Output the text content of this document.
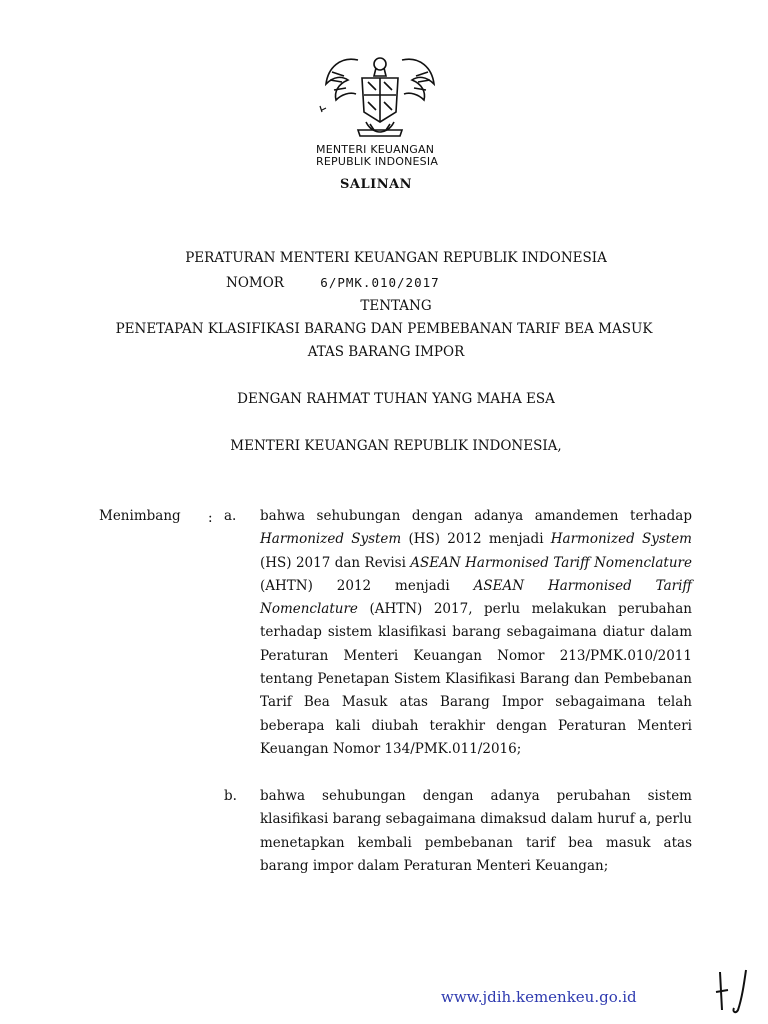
MENTERI KEUANGAN
REPUBLIK INDONESIA
SALINAN
PERATURAN MENTERI KEUANGAN REPUBLIK INDONESIA
NOMOR	6/PMK.010/2017
TENTANG
PENETAPAN KLASIFIKASI BARANG DAN PEMBEBANAN TARIF BEA MASUK
ATAS BARANG IMPOR
DENGAN RAHMAT TUHAN YANG MAHA ESA
MENTERI KEUANGAN REPUBLIK INDONESIA,
Menimbang : a. bahwa sehubungan dengan adanya amandemen terhadap Harmonized System (HS) 2012 menjadi Harmonized System (HS) 2017 dan Revisi ASEAN Harmonised Tariff Nomenclature (AHTN) 2012 menjadi ASEAN Harmonised Tariff Nomenclature (AHTN) 2017, perlu melakukan perubahan terhadap sistem klasifikasi barang sebagaimana diatur dalam Peraturan Menteri Keuangan Nomor 213/PMK.010/2011 tentang Penetapan Sistem Klasifikasi Barang dan Pembebanan Tarif Bea Masuk atas Barang Impor sebagaimana telah beberapa kali diubah terakhir dengan Peraturan Menteri Keuangan Nomor 134/PMK.011/2016;
b. bahwa sehubungan dengan adanya perubahan sistem klasifikasi barang sebagaimana dimaksud dalam huruf a, perlu menetapkan kembali pembebanan tarif bea masuk atas barang impor dalam Peraturan Menteri Keuangan;
www.jdih.kemenkeu.go.id
